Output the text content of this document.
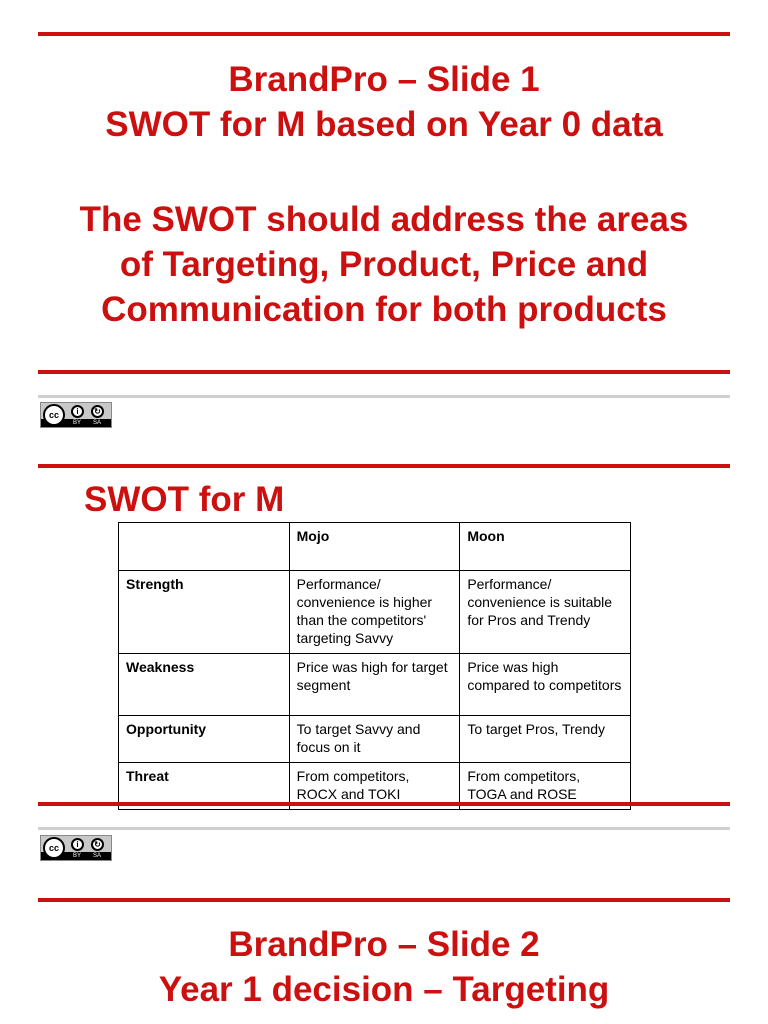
BrandPro – Slide 1
SWOT for M based on Year 0 data
The SWOT should address the areas
of Targeting, Product, Price and
Communication for both products
cc	i	↻
BY SA
SWOT for M
	Mojo	Moon
Strength	Performance/ convenience is higher than the competitors' targeting Savvy	Performance/ convenience is suitable for Pros and Trendy
Weakness	Price was high for target segment	Price was high compared to competitors
Opportunity	To target Savvy and focus on it	To target Pros, Trendy
Threat	From competitors, ROCX and TOKI	From competitors, TOGA and ROSE
cc	i	↻
BY SA
BrandPro – Slide 2
Year 1 decision – Targeting
